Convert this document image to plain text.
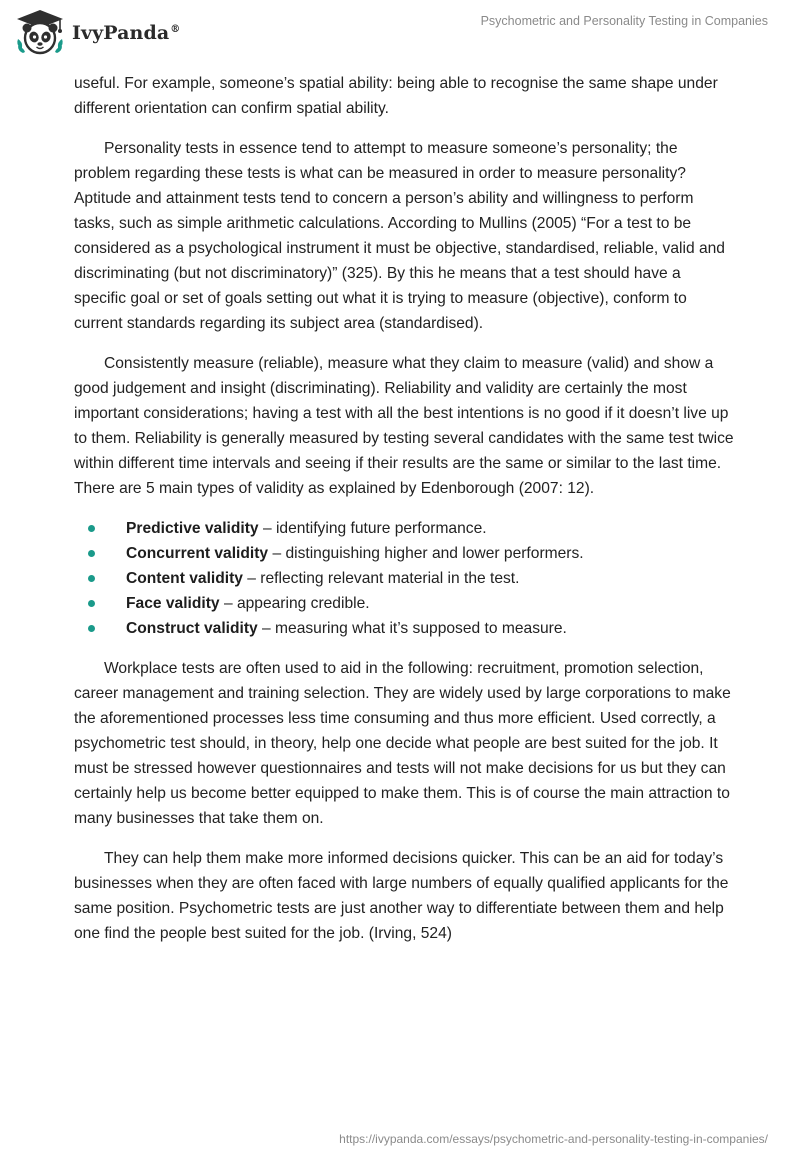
IvyPanda®
Psychometric and Personality Testing in Companies

useful. For example, someone’s spatial ability: being able to recognise the same shape under different orientation can confirm spatial ability.

Personality tests in essence tend to attempt to measure someone’s personality; the problem regarding these tests is what can be measured in order to measure personality? Aptitude and attainment tests tend to concern a person’s ability and willingness to perform tasks, such as simple arithmetic calculations. According to Mullins (2005) “For a test to be considered as a psychological instrument it must be objective, standardised, reliable, valid and discriminating (but not discriminatory)” (325). By this he means that a test should have a specific goal or set of goals setting out what it is trying to measure (objective), conform to current standards regarding its subject area (standardised).

Consistently measure (reliable), measure what they claim to measure (valid) and show a good judgement and insight (discriminating). Reliability and validity are certainly the most important considerations; having a test with all the best intentions is no good if it doesn’t live up to them. Reliability is generally measured by testing several candidates with the same test twice within different time intervals and seeing if their results are the same or similar to the last time. There are 5 main types of validity as explained by Edenborough (2007: 12).

Predictive validity – identifying future performance.
Concurrent validity – distinguishing higher and lower performers.
Content validity – reflecting relevant material in the test.
Face validity – appearing credible.
Construct validity – measuring what it’s supposed to measure.

Workplace tests are often used to aid in the following: recruitment, promotion selection, career management and training selection. They are widely used by large corporations to make the aforementioned processes less time consuming and thus more efficient. Used correctly, a psychometric test should, in theory, help one decide what people are best suited for the job. It must be stressed however questionnaires and tests will not make decisions for us but they can certainly help us become better equipped to make them. This is of course the main attraction to many businesses that take them on.

They can help them make more informed decisions quicker. This can be an aid for today’s businesses when they are often faced with large numbers of equally qualified applicants for the same position. Psychometric tests are just another way to differentiate between them and help one find the people best suited for the job. (Irving, 524)

https://ivypanda.com/essays/psychometric-and-personality-testing-in-companies/
